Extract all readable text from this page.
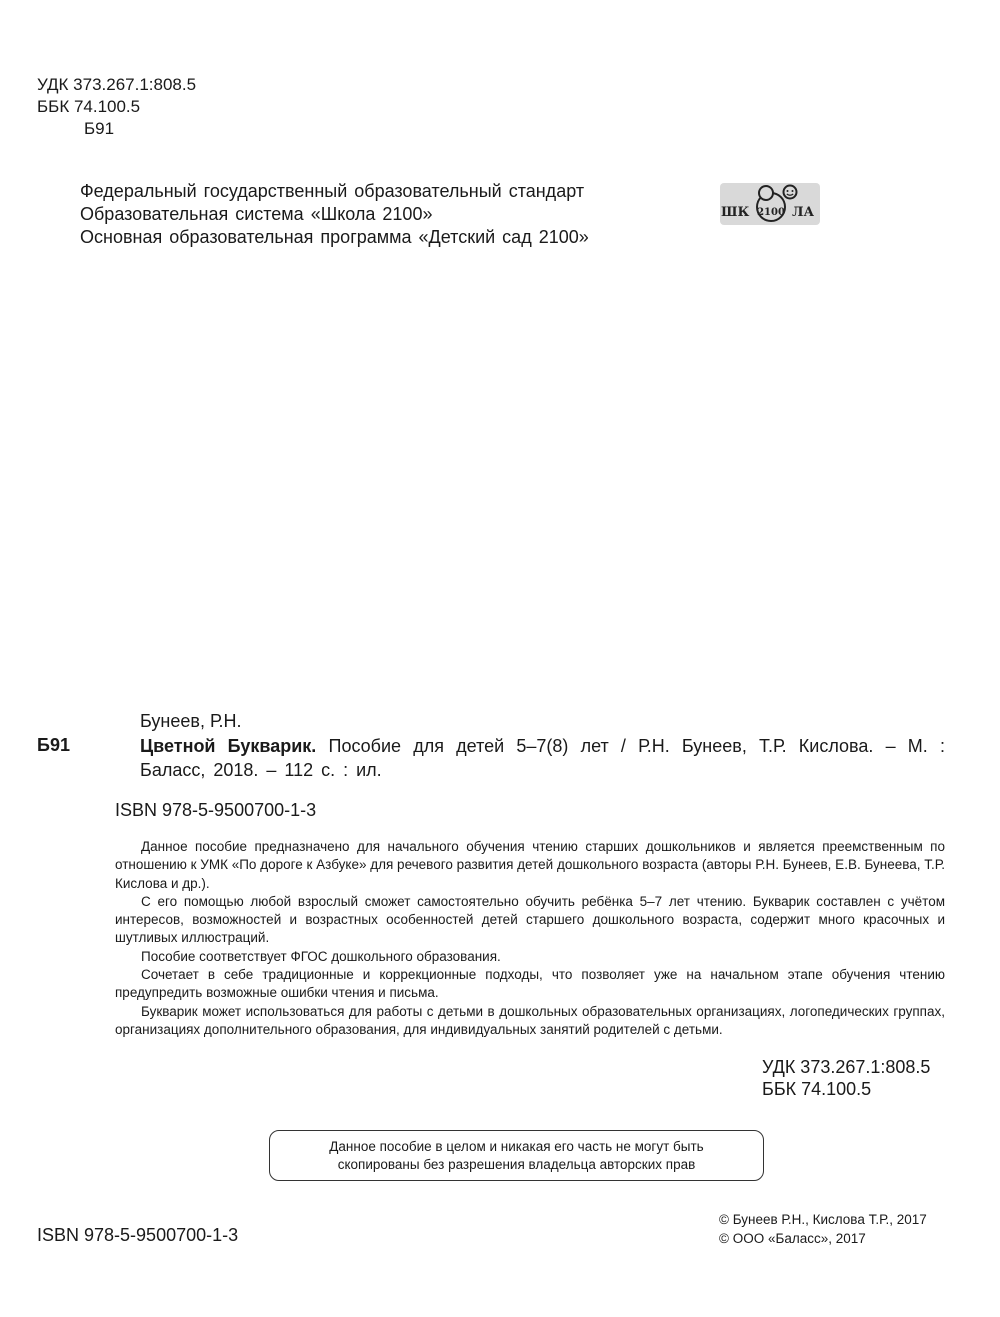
УДК 373.267.1:808.5
ББК 74.100.5
Б91
Федеральный государственный образовательный стандарт
Образовательная система «Школа 2100»
Основная образовательная программа «Детский сад 2100»
ШК 2100 ЛА
Бунеев, Р.Н.
Б91	Цветной Букварик. Пособие для детей 5–7(8) лет / Р.Н. Бунеев, Т.Р. Кислова. – М. : Баласс, 2018. – 112 с. : ил.
ISBN 978-5-9500700-1-3

Данное пособие предназначено для начального обучения чтению старших дошкольников и является преемственным по отношению к УМК «По дороге к Азбуке» для речевого развития детей дошкольного возраста (авторы Р.Н. Бунеев, Е.В. Бунеева, Т.Р. Кислова и др.).

С его помощью любой взрослый сможет самостоятельно обучить ребёнка 5–7 лет чтению. Букварик составлен с учётом интересов, возможностей и возрастных особенностей детей старшего дошкольного возраста, содержит много красочных и шутливых иллюстраций.

Пособие соответствует ФГОС дошкольного образования.

Сочетает в себе традиционные и коррекционные подходы, что позволяет уже на начальном этапе обучения чтению предупредить возможные ошибки чтения и письма.

Букварик может использоваться для работы с детьми в дошкольных образовательных организациях, логопедических группах, организациях дополнительного образования, для индивидуальных занятий родителей с детьми.

УДК 373.267.1:808.5
ББК 74.100.5
Данное пособие в целом и никакая его часть не могут быть
скопированы без разрешения владельца авторских прав
ISBN 978-5-9500700-1-3
© Бунеев Р.Н., Кислова Т.Р., 2017
© ООО «Баласс», 2017
